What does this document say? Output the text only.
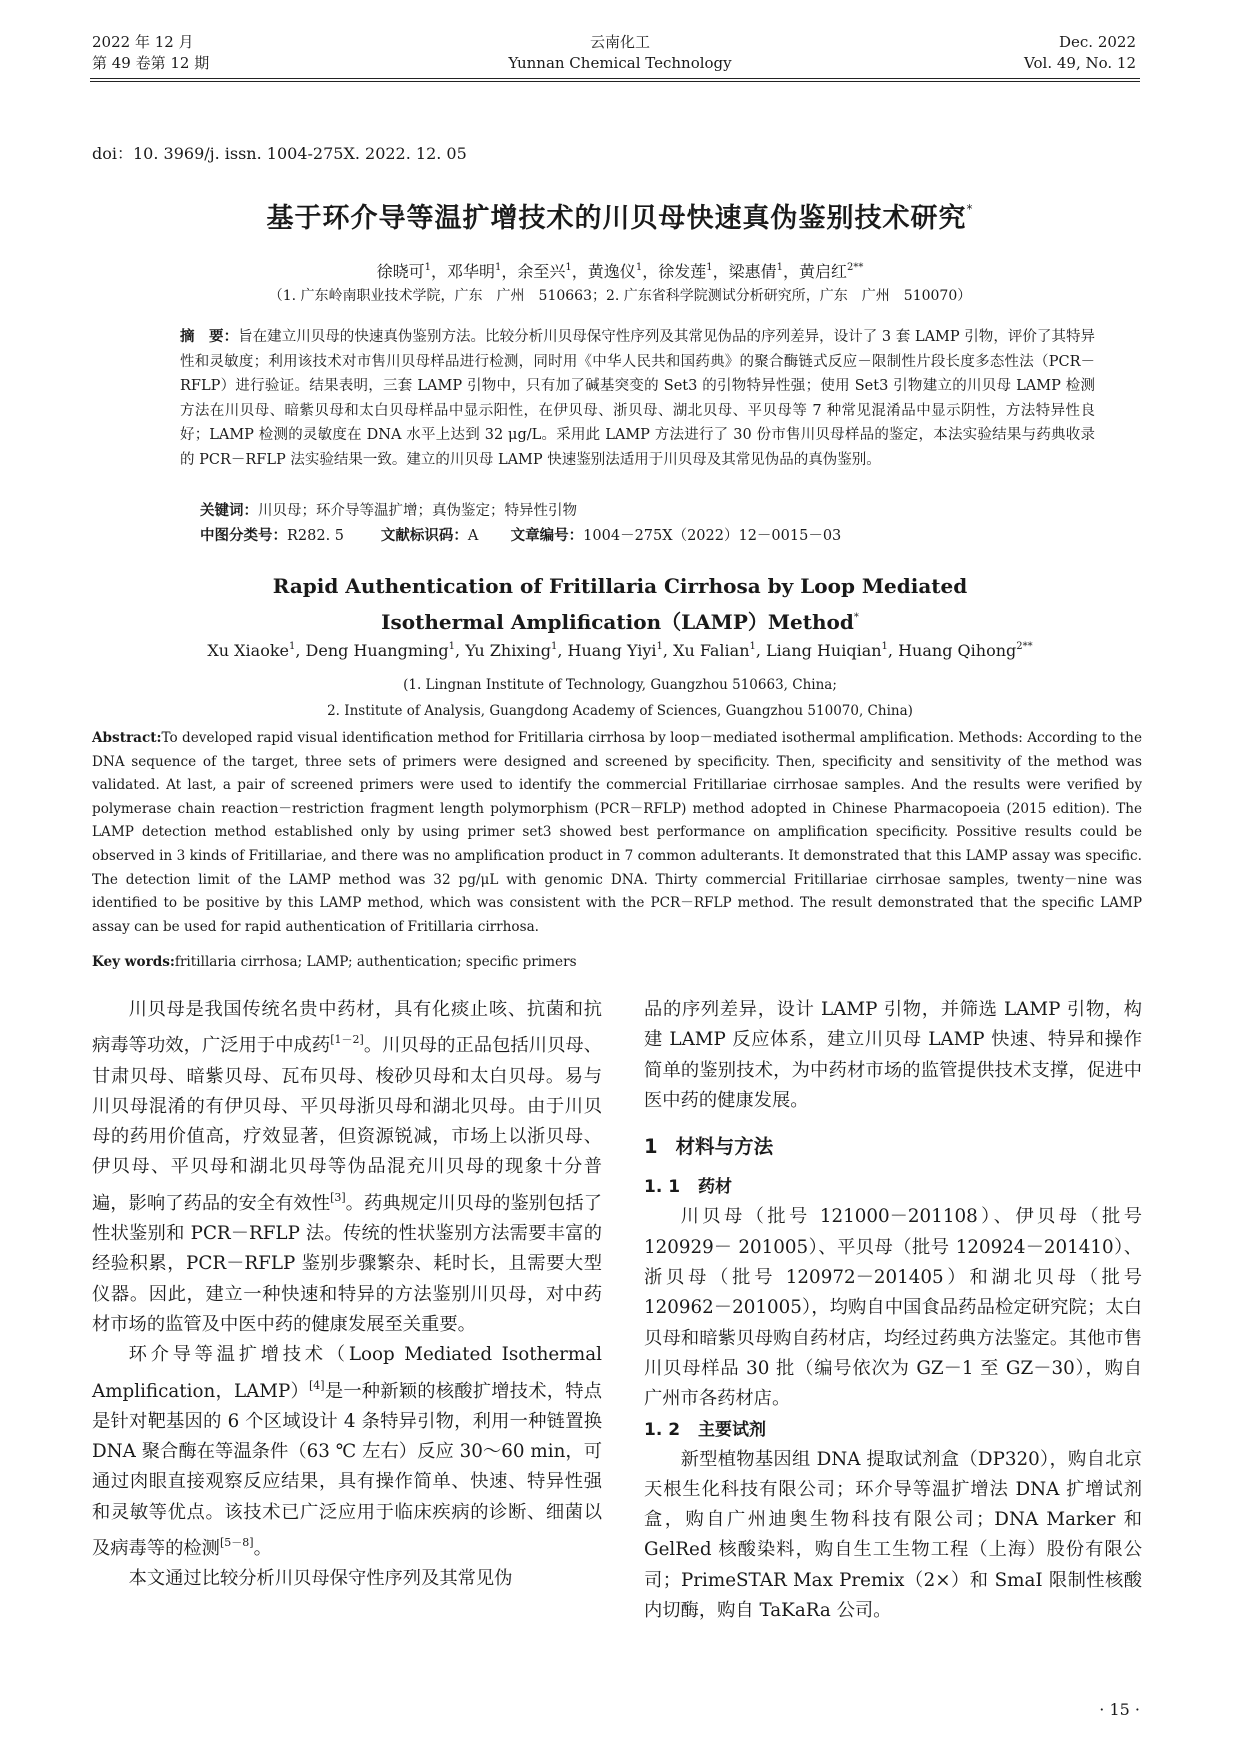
2022 年 12 月
第 49 卷第 12 期
云南化工
Yunnan Chemical Technology
Dec. 2022
Vol. 49, No. 12
doi：10. 3969/j. issn. 1004-275X. 2022. 12. 05
基于环介导等温扩增技术的川贝母快速真伪鉴别技术研究*
徐晓可$^1$，邓华明$^1$，余至兴$^1$，黄逸仪$^1$，徐发莲$^1$，梁惠倩$^1$，黄启红$^{2**}$
（1. 广东岭南职业技术学院，广东　广州　510663；2. 广东省科学院测试分析研究所，广东　广州　510070）
摘　要：旨在建立川贝母的快速真伪鉴别方法。比较分析川贝母保守性序列及其常见伪品的序列差异，设计了 3 套 LAMP 引物，评价了其特异性和灵敏度；利用该技术对市售川贝母样品进行检测，同时用《中华人民共和国药典》的聚合酶链式反应－限制性片段长度多态性法（PCR－RFLP）进行验证。结果表明，三套 LAMP 引物中，只有加了碱基突变的 Set3 的引物特异性强；使用 Set3 引物建立的川贝母 LAMP 检测方法在川贝母、暗紫贝母和太白贝母样品中显示阳性，在伊贝母、浙贝母、湖北贝母、平贝母等 7 种常见混淆品中显示阴性，方法特异性良好；LAMP 检测的灵敏度在 DNA 水平上达到 32 μg/L。采用此 LAMP 方法进行了 30 份市售川贝母样品的鉴定，本法实验结果与药典收录的 PCR－RFLP 法实验结果一致。建立的川贝母 LAMP 快速鉴别法适用于川贝母及其常见伪品的真伪鉴别。
关键词：川贝母；环介导等温扩增；真伪鉴定；特异性引物
中图分类号：R282. 5	文献标识码：A 文章编号：1004－275X（2022）12－0015－03
Rapid Authentication of Fritillaria Cirrhosa by Loop Mediated
Isothermal Amplification（LAMP）Method*
Xu Xiaoke$^1$, Deng Huangming$^1$, Yu Zhixing$^1$, Huang Yiyi$^1$, Xu Falian$^1$, Liang Huiqian$^1$, Huang Qihong$^{2**}$
(1. Lingnan Institute of Technology, Guangzhou 510663, China;
2. Institute of Analysis, Guangdong Academy of Sciences, Guangzhou 510070, China)
Abstract:To developed rapid visual identification method for Fritillaria cirrhosa by loop－mediated isothermal amplification. Methods: According to the DNA sequence of the target, three sets of primers were designed and screened by specificity. Then, specificity and sensitivity of the method was validated. At last, a pair of screened primers were used to identify the commercial Fritillariae cirrhosae samples. And the results were verified by polymerase chain reaction－restriction fragment length polymorphism (PCR－RFLP) method adopted in Chinese Pharmacopoeia (2015 edition). The LAMP detection method established only by using primer set3 showed best performance on amplification specificity. Possitive results could be observed in 3 kinds of Fritillariae, and there was no amplification product in 7 common adulterants. It demonstrated that this LAMP assay was specific. The detection limit of the LAMP method was 32 pg/μL with genomic DNA. Thirty commercial Fritillariae cirrhosae samples, twenty－nine was identified to be positive by this LAMP method, which was consistent with the PCR－RFLP method. The result demonstrated that the specific LAMP assay can be used for rapid authentication of Fritillaria cirrhosa.
Key words:fritillaria cirrhosa; LAMP; authentication; specific primers

川贝母是我国传统名贵中药材，具有化痰止咳、抗菌和抗病毒等功效，广泛用于中成药[1－2]。川贝母的正品包括川贝母、甘肃贝母、暗紫贝母、瓦布贝母、梭砂贝母和太白贝母。易与川贝母混淆的有伊贝母、平贝母浙贝母和湖北贝母。由于川贝母的药用价值高，疗效显著，但资源锐减，市场上以浙贝母、伊贝母、平贝母和湖北贝母等伪品混充川贝母的现象十分普遍，影响了药品的安全有效性[3]。药典规定川贝母的鉴别包括了性状鉴别和 PCR－RFLP 法。传统的性状鉴别方法需要丰富的经验积累，PCR－RFLP 鉴别步骤繁杂、耗时长，且需要大型仪器。因此，建立一种快速和特异的方法鉴别川贝母，对中药材市场的监管及中医中药的健康发展至关重要。

环介导等温扩增技术（Loop Mediated Isothermal Amplification，LAMP）[4]是一种新颖的核酸扩增技术，特点是针对靶基因的 6 个区域设计 4 条特异引物，利用一种链置换 DNA 聚合酶在等温条件（63 ℃ 左右）反应 30～60 min，可通过肉眼直接观察反应结果，具有操作简单、快速、特异性强和灵敏等优点。该技术已广泛应用于临床疾病的诊断、细菌以及病毒等的检测[5－8]。

本文通过比较分析川贝母保守性序列及其常见伪

品的序列差异，设计 LAMP 引物，并筛选 LAMP 引物，构建 LAMP 反应体系，建立川贝母 LAMP 快速、特异和操作简单的鉴别技术，为中药材市场的监管提供技术支撑，促进中医中药的健康发展。

1 材料与方法
1. 1 药材

川贝母（批号 121000－201108）、伊贝母（批号 120929－ 201005）、平贝母（批号 120924－201410）、浙贝母（批号 120972－201405）和湖北贝母（批号 120962－201005），均购自中国食品药品检定研究院；太白贝母和暗紫贝母购自药材店，均经过药典方法鉴定。其他市售川贝母样品 30 批（编号依次为 GZ－1 至 GZ－30），购自广州市各药材店。

1. 2 主要试剂

新型植物基因组 DNA 提取试剂盒（DP320），购自北京天根生化科技有限公司；环介导等温扩增法 DNA 扩增试剂盒，购自广州迪奥生物科技有限公司；DNA Marker 和 GelRed 核酸染料，购自生工生物工程（上海）股份有限公司；PrimeSTAR Max Premix（2×）和 SmaI 限制性核酸内切酶，购自 TaKaRa 公司。

· 15 ·
